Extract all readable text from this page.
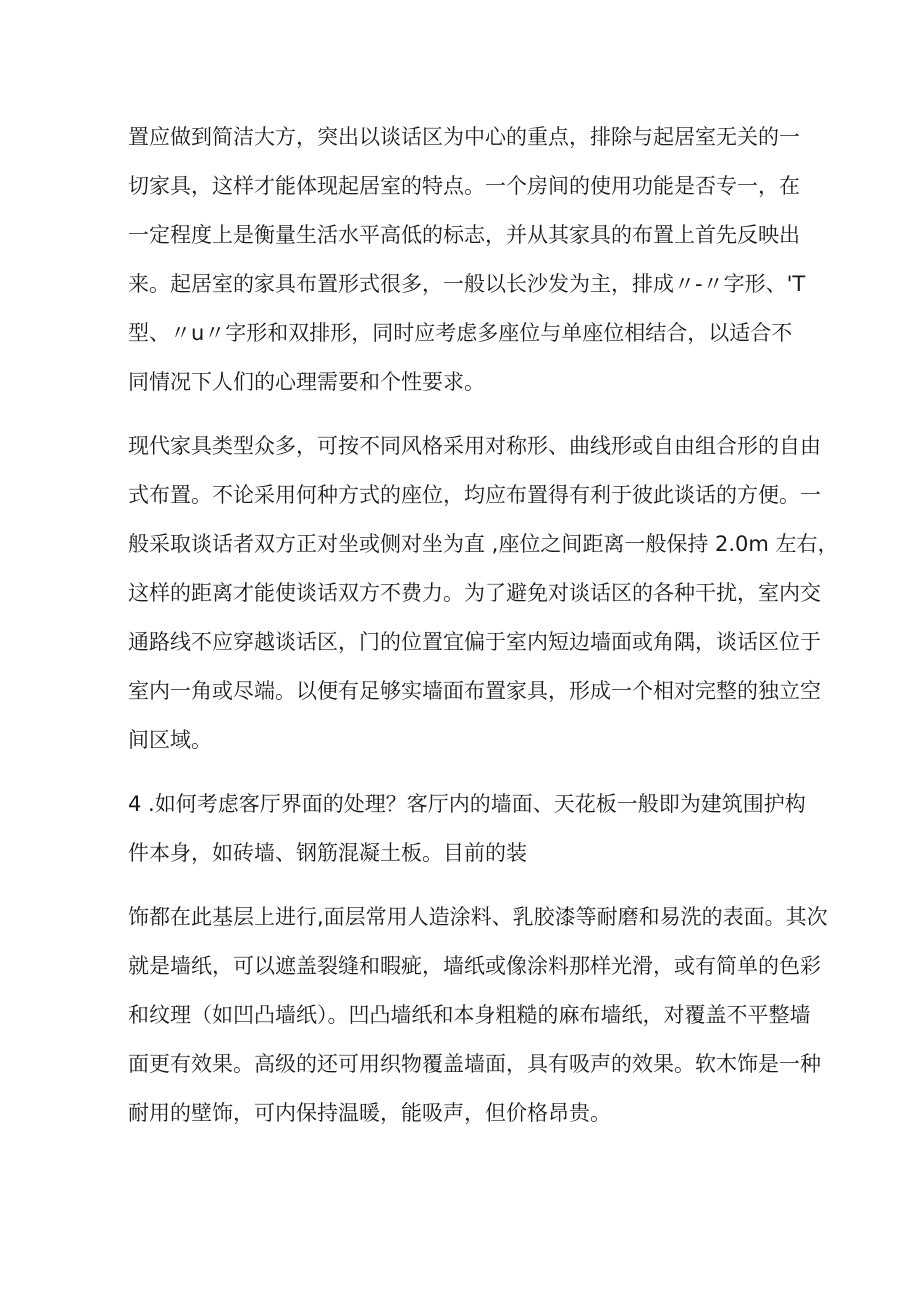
置应做到简洁大方，突出以谈话区为中心的重点，排除与起居室无关的一
切家具，这样才能体现起居室的特点。一个房间的使用功能是否专一，在
一定程度上是衡量生活水平高低的标志，并从其家具的布置上首先反映出
来。起居室的家具布置形式很多，一般以长沙发为主，排成〃-〃字形、'T
型、〃u〃字形和双排形，同时应考虑多座位与单座位相结合，以适合不
同情况下人们的心理需要和个性要求。

现代家具类型众多，可按不同风格采用对称形、曲线形或自由组合形的自由
式布置。不论采用何种方式的座位，均应布置得有利于彼此谈话的方便。一
般采取谈话者双方正对坐或侧对坐为直 ,座位之间距离一般保持 2.0m 左右，
这样的距离才能使谈话双方不费力。为了避免对谈话区的各种干扰，室内交
通路线不应穿越谈话区，门的位置宜偏于室内短边墙面或角隅，谈话区位于
室内一角或尽端。以便有足够实墙面布置家具，形成一个相对完整的独立空
间区域。

4 .如何考虑客厅界面的处理？客厅内的墙面、天花板一般即为建筑围护构
件本身，如砖墙、钢筋混凝土板。目前的装

饰都在此基层上进行,面层常用人造涂料、乳胶漆等耐磨和易洗的表面。其次
就是墙纸，可以遮盖裂缝和暇疵，墙纸或像涂料那样光滑，或有简单的色彩
和纹理（如凹凸墙纸）。凹凸墙纸和本身粗糙的麻布墙纸，对覆盖不平整墙
面更有效果。高级的还可用织物覆盖墙面，具有吸声的效果。软木饰是一种
耐用的壁饰，可内保持温暖，能吸声，但价格昂贵。
